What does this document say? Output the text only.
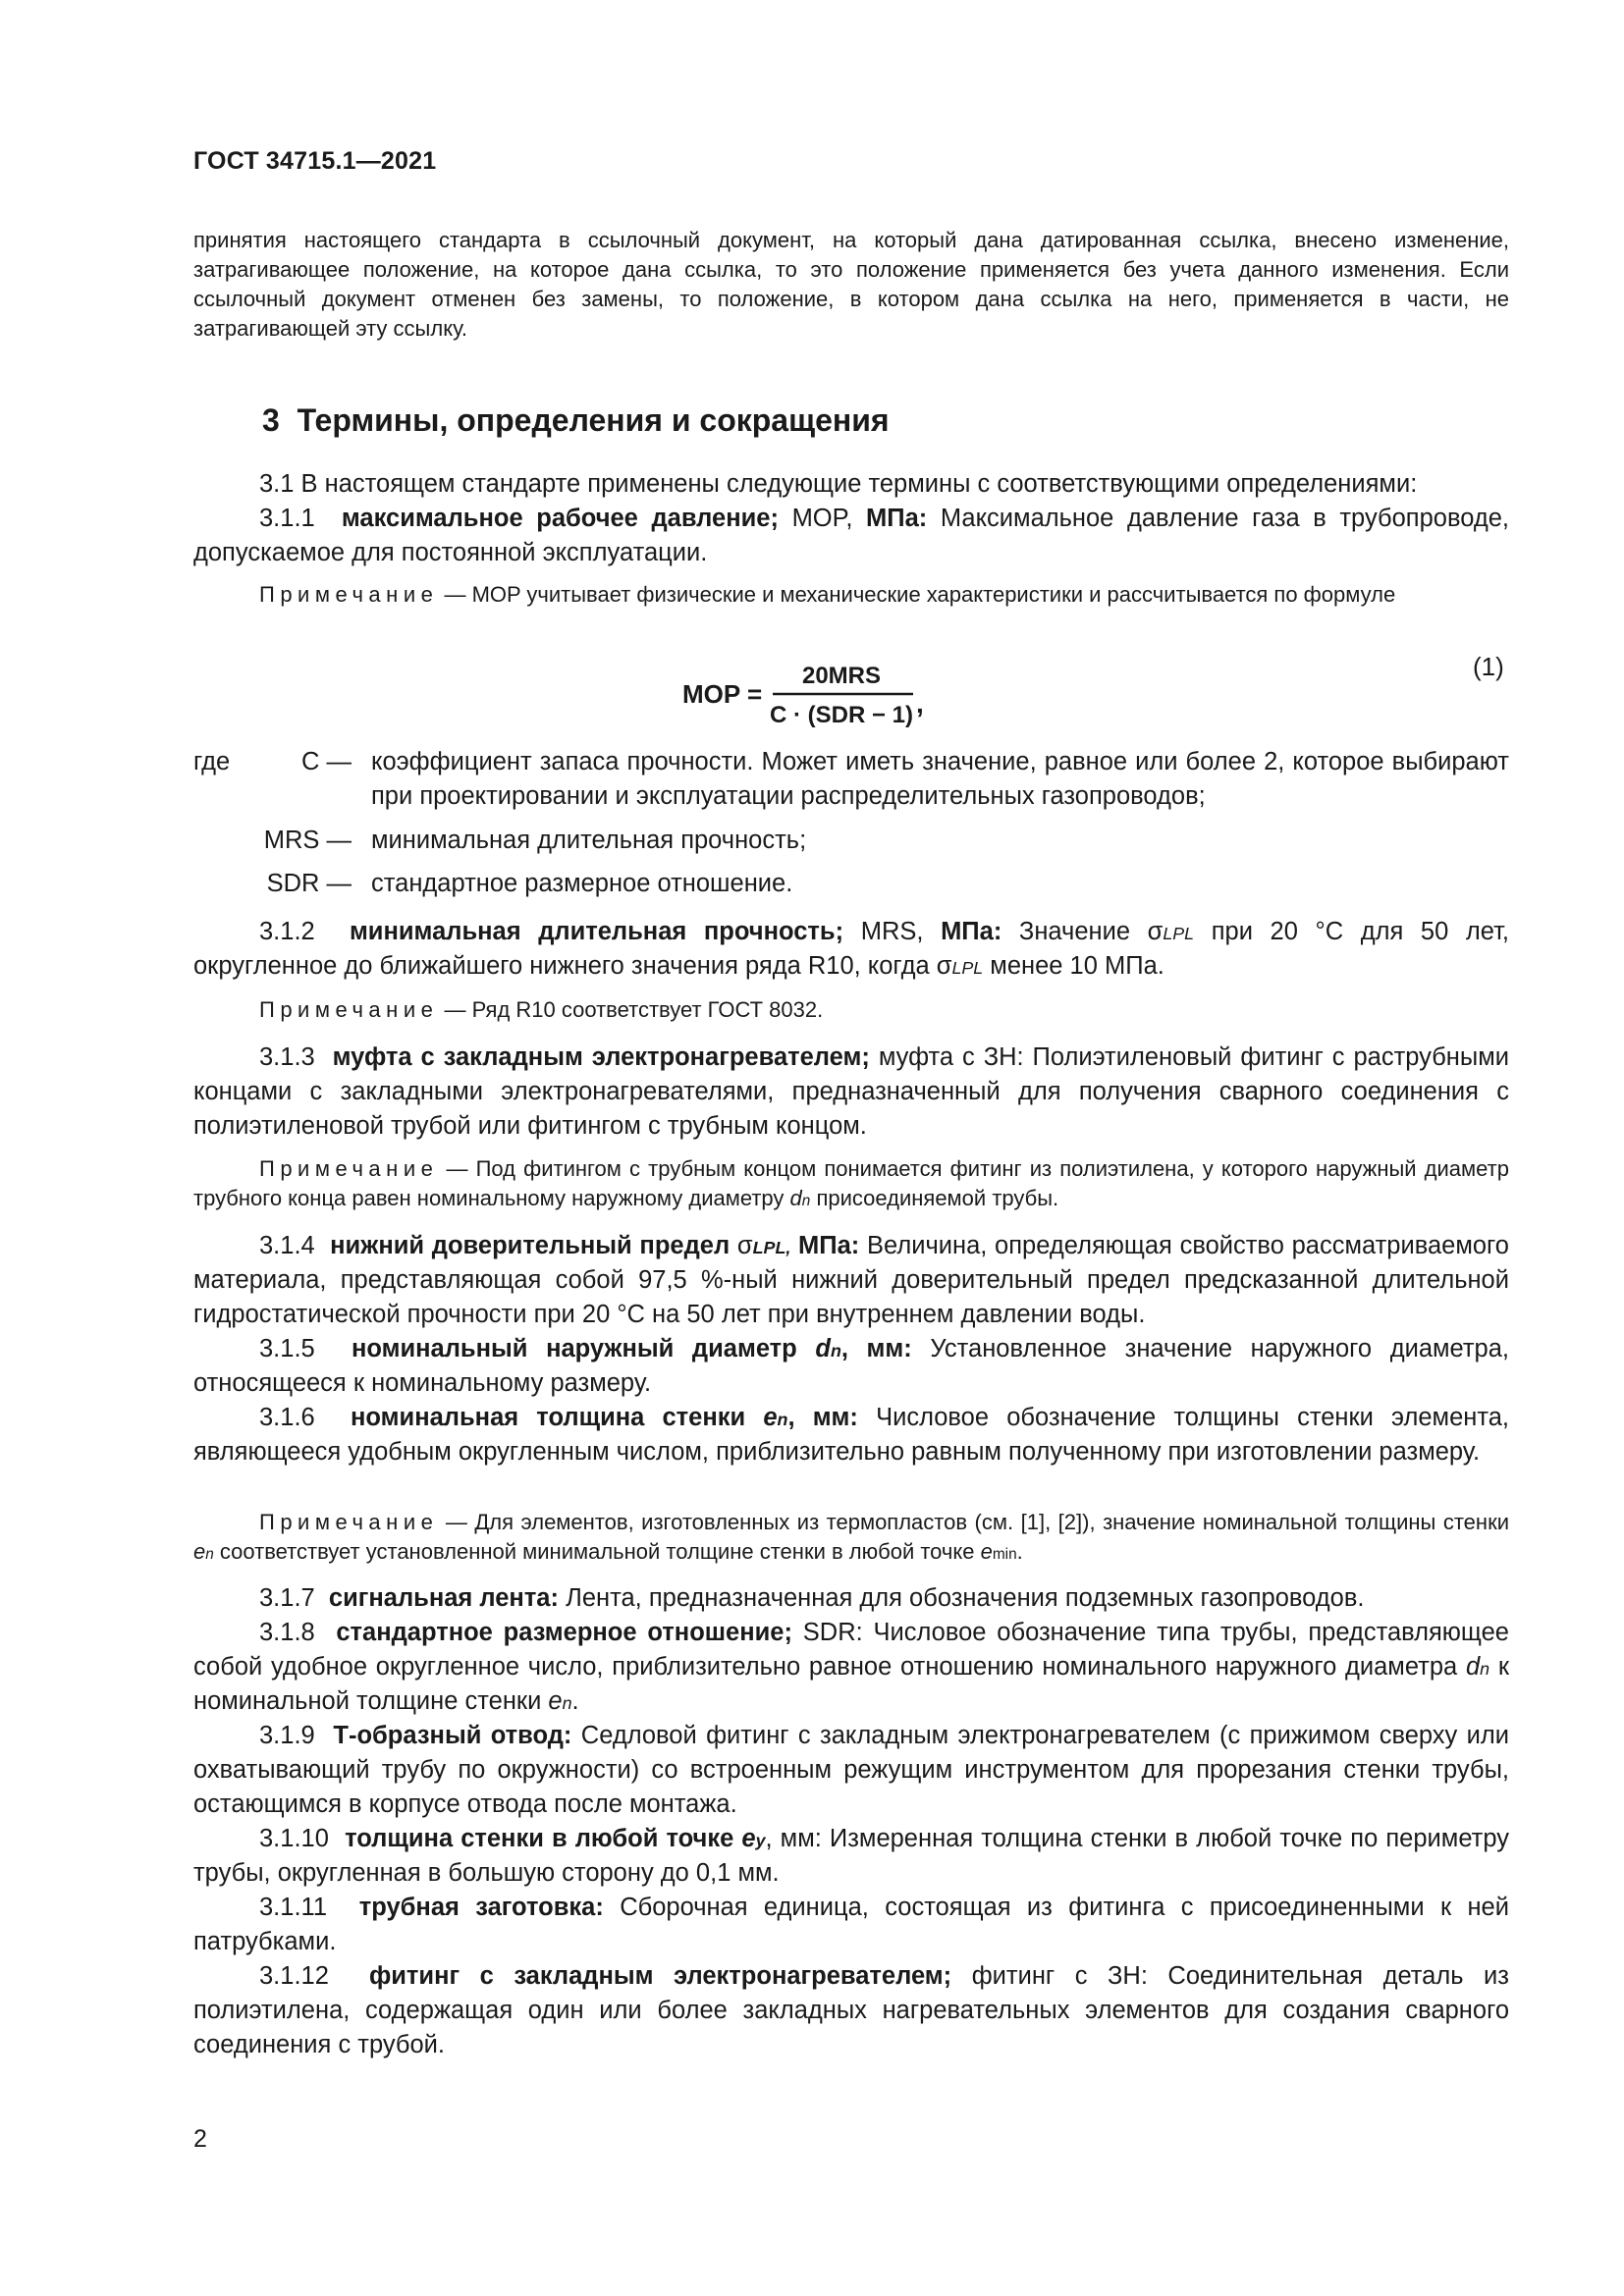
ГОСТ 34715.1—2021
принятия настоящего стандарта в ссылочный документ, на который дана датированная ссылка, внесено изменение, затрагивающее положение, на которое дана ссылка, то это положение применяется без учета данного изменения. Если ссылочный документ отменен без замены, то положение, в котором дана ссылка на него, применяется в части, не затрагивающей эту ссылку.
3 Термины, определения и сокращения
3.1 В настоящем стандарте применены следующие термины с соответствующими определениями:
3.1.1 максимальное рабочее давление; MOP, МПа: Максимальное давление газа в трубопроводе, допускаемое для постоянной эксплуатации.
Примечание — MOP учитывает физические и механические характеристики и рассчитывается по формуле
MOP =
20MRS
C · (SDR − 1) ,
(1)
где	C — коэффициент запаса прочности. Может иметь значение, равное или более 2, которое выбирают при проектировании и эксплуатации распределительных газопроводов;
MRS — минимальная длительная прочность;
SDR — стандартное размерное отношение.
3.1.2 минимальная длительная прочность; MRS, МПа: Значение $\sigma_{LPL}$ при 20 °C для 50 лет, округленное до ближайшего нижнего значения ряда R10, когда $\sigma_{LPL}$ менее 10 МПа.
Примечание — Ряд R10 соответствует ГОСТ 8032.
3.1.3 муфта с закладным электронагревателем; муфта с ЗН: Полиэтиленовый фитинг с раструбными концами с закладными электронагревателями, предназначенный для получения сварного соединения с полиэтиленовой трубой или фитингом с трубным концом.
Примечание — Под фитингом с трубным концом понимается фитинг из полиэтилена, у которого наружный диаметр трубного конца равен номинальному наружному диаметру $d_n$ присоединяемой трубы.
3.1.4 нижний доверительный предел $\sigma_{LPL,}$ МПа: Величина, определяющая свойство рассматриваемого материала, представляющая собой 97,5 %-ный нижний доверительный предел предсказанной длительной гидростатической прочности при 20 °C на 50 лет при внутреннем давлении воды.
3.1.5 номинальный наружный диаметр $d_n$, мм: Установленное значение наружного диаметра, относящееся к номинальному размеру.
3.1.6 номинальная толщина стенки $e_n$, мм: Числовое обозначение толщины стенки элемента, являющееся удобным округленным числом, приблизительно равным полученному при изготовлении размеру.
Примечание — Для элементов, изготовленных из термопластов (см. [1], [2]), значение номинальной толщины стенки $e_n$ соответствует установленной минимальной толщине стенки в любой точке $e_{min}$.
3.1.7 сигнальная лента: Лента, предназначенная для обозначения подземных газопроводов.
3.1.8 стандартное размерное отношение; SDR: Числовое обозначение типа трубы, представляющее собой удобное округленное число, приблизительно равное отношению номинального наружного диаметра $d_n$ к номинальной толщине стенки $e_n$.
3.1.9 Т-образный отвод: Седловой фитинг с закладным электронагревателем (с прижимом сверху или охватывающий трубу по окружности) со встроенным режущим инструментом для прорезания стенки трубы, остающимся в корпусе отвода после монтажа.
3.1.10 толщина стенки в любой точке $e_y$, мм: Измеренная толщина стенки в любой точке по периметру трубы, округленная в большую сторону до 0,1 мм.
3.1.11 трубная заготовка: Сборочная единица, состоящая из фитинга с присоединенными к ней патрубками.
3.1.12 фитинг с закладным электронагревателем; фитинг с ЗН: Соединительная деталь из полиэтилена, содержащая один или более закладных нагревательных элементов для создания сварного соединения с трубой.
2
